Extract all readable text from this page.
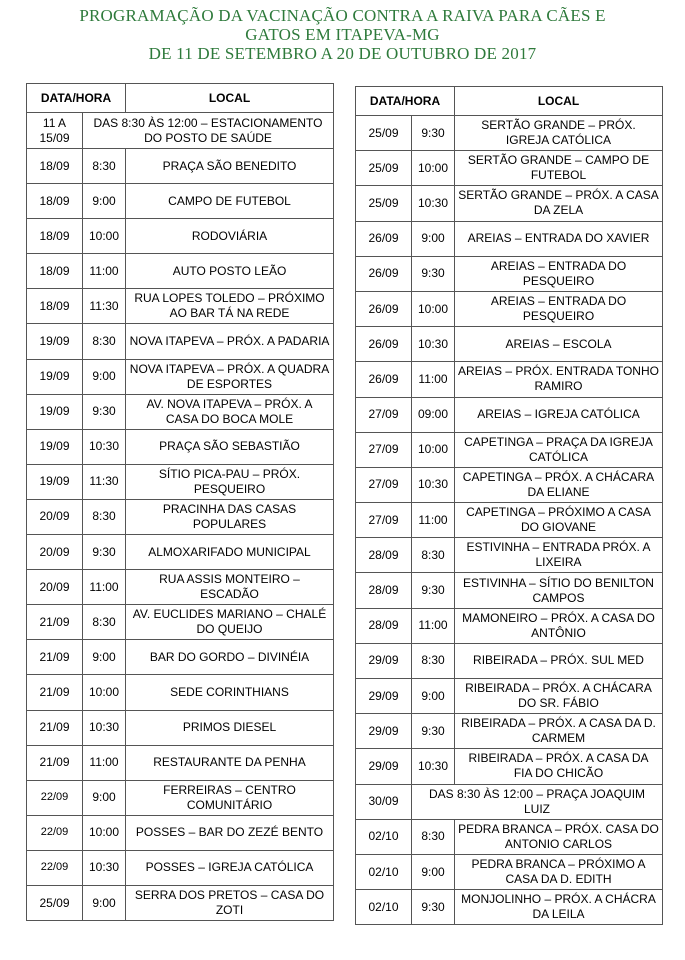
PROGRAMAÇÃO DA VACINAÇÃO CONTRA A RAIVA PARA CÃES E
GATOS EM ITAPEVA-MG
DE 11 DE SETEMBRO A 20 DE OUTUBRO DE 2017
DATA/HORA		LOCAL
11 A 15/09	DAS 8:30 ÀS 12:00 – ESTACIONAMENTO DO POSTO DE SAÚDE	
18/09	8:30	PRAÇA SÃO BENEDITO
18/09	9:00	CAMPO DE FUTEBOL
18/09	10:00	RODOVIÁRIA
18/09	11:00	AUTO POSTO LEÃO
18/09	11:30	RUA LOPES TOLEDO – PRÓXIMO AO BAR TÁ NA REDE
19/09	8:30	NOVA ITAPEVA – PRÓX. A PADARIA
19/09	9:00	NOVA ITAPEVA – PRÓX. A QUADRA DE ESPORTES
19/09	9:30	AV. NOVA ITAPEVA – PRÓX. A CASA DO BOCA MOLE
19/09	10:30	PRAÇA SÃO SEBASTIÃO
19/09	11:30	SÍTIO PICA-PAU – PRÓX. PESQUEIRO
20/09	8:30	PRACINHA DAS CASAS POPULARES
20/09	9:30	ALMOXARIFADO MUNICIPAL
20/09	11:00	RUA ASSIS MONTEIRO – ESCADÃO
21/09	8:30	AV. EUCLIDES MARIANO – CHALÉ DO QUEIJO
21/09	9:00	BAR DO GORDO – DIVINÉIA
21/09	10:00	SEDE CORINTHIANS
21/09	10:30	PRIMOS DIESEL
21/09	11:00	RESTAURANTE DA PENHA
22/09	9:00	FERREIRAS – CENTRO COMUNITÁRIO
22/09	10:00	POSSES – BAR DO ZEZÉ BENTO
22/09	10:30	POSSES – IGREJA CATÓLICA
25/09	9:00	SERRA DOS PRETOS – CASA DO ZOTI
DATA/HORA		LOCAL
25/09	9:30	SERTÃO GRANDE – PRÓX. IGREJA CATÓLICA
25/09	10:00	SERTÃO GRANDE – CAMPO DE FUTEBOL
25/09	10:30	SERTÃO GRANDE – PRÓX. A CASA DA ZELA
26/09	9:00	AREIAS – ENTRADA DO XAVIER
26/09	9:30	AREIAS – ENTRADA DO PESQUEIRO
26/09	10:00	AREIAS – ENTRADA DO PESQUEIRO
26/09	10:30	AREIAS – ESCOLA
26/09	11:00	AREIAS – PRÓX. ENTRADA TONHO RAMIRO
27/09	09:00	AREIAS – IGREJA CATÓLICA
27/09	10:00	CAPETINGA – PRAÇA DA IGREJA CATÓLICA
27/09	10:30	CAPETINGA – PRÓX. A CHÁCARA DA ELIANE
27/09	11:00	CAPETINGA – PRÓXIMO A CASA DO GIOVANE
28/09	8:30	ESTIVINHA – ENTRADA PRÓX. A LIXEIRA
28/09	9:30	ESTIVINHA – SÍTIO DO BENILTON CAMPOS
28/09	11:00	MAMONEIRO – PRÓX. A CASA DO ANTÔNIO
29/09	8:30	RIBEIRADA – PRÓX. SUL MED
29/09	9:00	RIBEIRADA – PRÓX. A CHÁCARA DO SR. FÁBIO
29/09	9:30	RIBEIRADA – PRÓX. A CASA DA D. CARMEM
29/09	10:30	RIBEIRADA – PRÓX. A CASA DA FIA DO CHICÃO
30/09	DAS 8:30 ÀS 12:00 – PRAÇA JOAQUIM LUIZ	
02/10	8:30	PEDRA BRANCA – PRÓX. CASA DO ANTONIO CARLOS
02/10	9:00	PEDRA BRANCA – PRÓXIMO A CASA DA D. EDITH
02/10	9:30	MONJOLINHO – PRÓX. A CHÁCRA DA LEILA
